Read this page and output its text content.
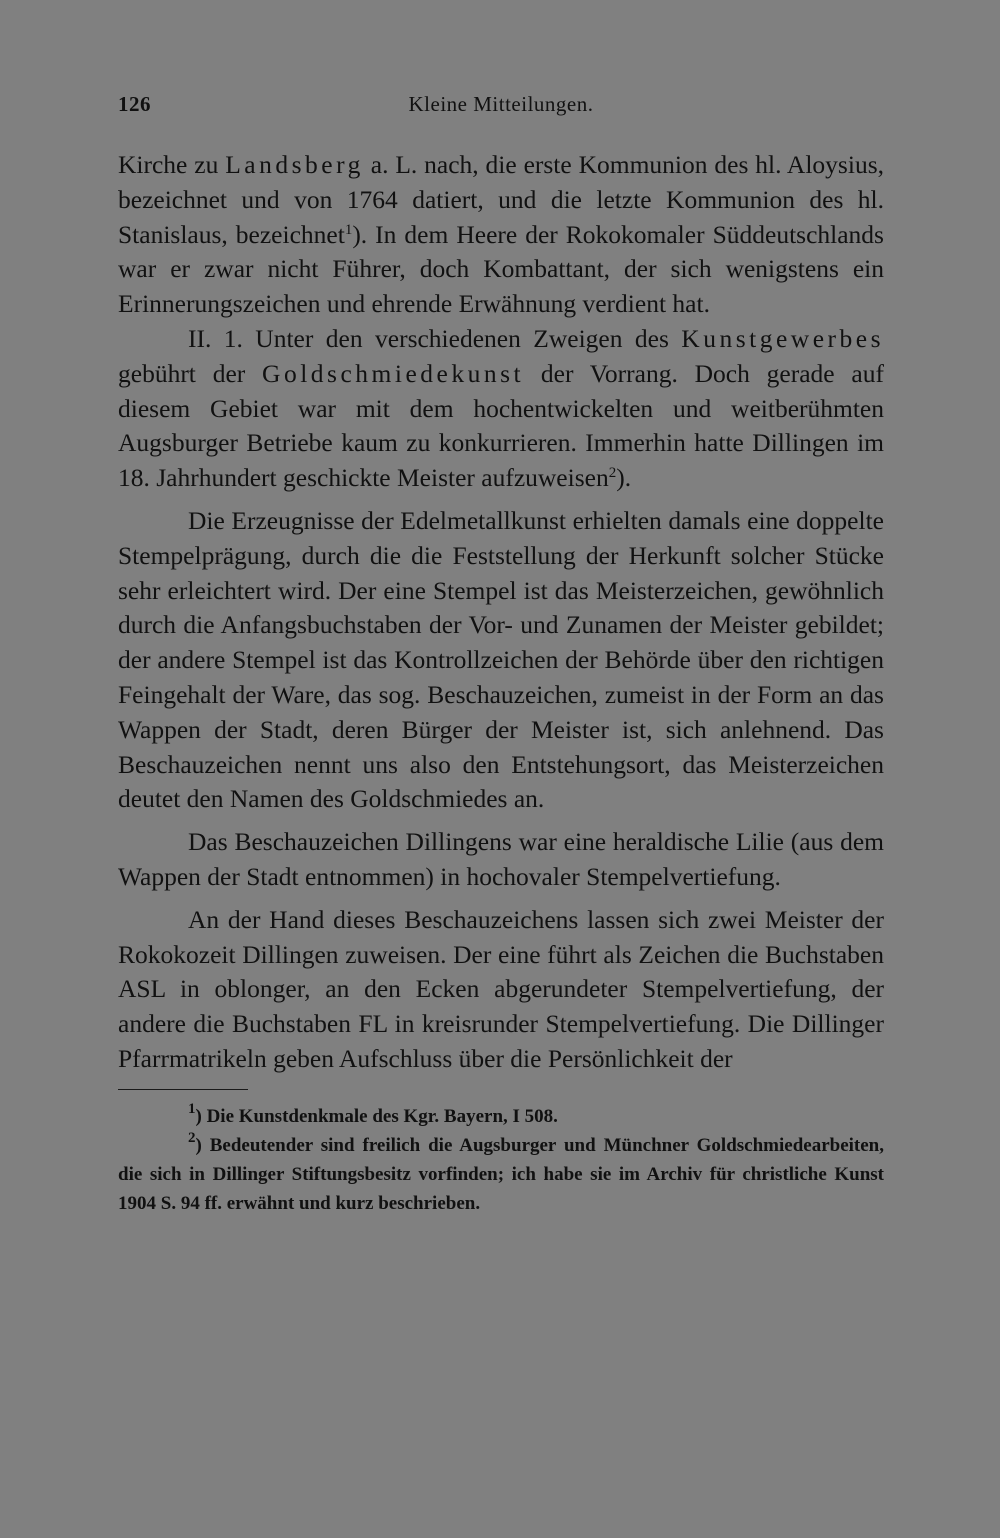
126	Kleine Mitteilungen.

Kirche zu Landsberg a. L. nach, die erste Kommunion des hl. Aloysius, bezeichnet und von 1764 datiert, und die letzte Kommunion des hl. Stanislaus, bezeichnet$^1$). In dem Heere der Rokokomaler Süddeutschlands war er zwar nicht Führer, doch Kombattant, der sich wenigstens ein Erinnerungszeichen und ehrende Erwähnung verdient hat.

II. 1. Unter den verschiedenen Zweigen des Kunstgewerbes gebührt der Goldschmiedekunst der Vorrang. Doch gerade auf diesem Gebiet war mit dem hochentwickelten und weitberühmten Augsburger Betriebe kaum zu konkurrieren. Immerhin hatte Dillingen im 18. Jahrhundert geschickte Meister aufzuweisen$^2$).

Die Erzeugnisse der Edelmetallkunst erhielten damals eine doppelte Stempelprägung, durch die die Feststellung der Herkunft solcher Stücke sehr erleichtert wird. Der eine Stempel ist das Meisterzeichen, gewöhnlich durch die Anfangsbuchstaben der Vor- und Zunamen der Meister gebildet; der andere Stempel ist das Kontrollzeichen der Behörde über den richtigen Feingehalt der Ware, das sog. Beschauzeichen, zumeist in der Form an das Wappen der Stadt, deren Bürger der Meister ist, sich anlehnend. Das Beschauzeichen nennt uns also den Entstehungsort, das Meisterzeichen deutet den Namen des Goldschmiedes an.

Das Beschauzeichen Dillingens war eine heraldische Lilie (aus dem Wappen der Stadt entnommen) in hochovaler Stempelvertiefung.

An der Hand dieses Beschauzeichens lassen sich zwei Meister der Rokokozeit Dillingen zuweisen. Der eine führt als Zeichen die Buchstaben ASL in oblonger, an den Ecken abgerundeter Stempelvertiefung, der andere die Buchstaben FL in kreisrunder Stempelvertiefung. Die Dillinger Pfarrmatrikeln geben Aufschluss über die Persönlichkeit der

$^1$) Die Kunstdenkmale des Kgr. Bayern, I 508.

$^2$) Bedeutender sind freilich die Augsburger und Münchner Goldschmiedearbeiten, die sich in Dillinger Stiftungsbesitz vorfinden; ich habe sie im Archiv für christliche Kunst 1904 S. 94 ff. erwähnt und kurz beschrieben.
